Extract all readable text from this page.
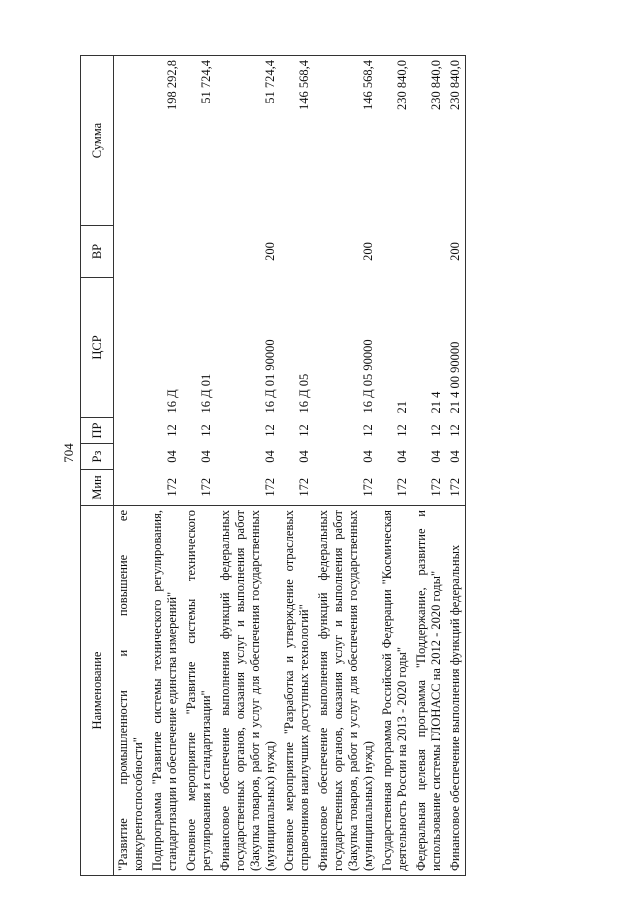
704
Наименование	Мин	Рз	ПР	ЦСР	ВР	Сумма
"Развитие промышленности и повышение ее конкурентоспособности"						
Подпрограмма "Развитие системы технического регулирования, стандартизации и обеспечение единства измерений"	172	04	12	16 Д		198 292,8
Основное мероприятие "Развитие системы технического регулирования и стандартизации"	172	04	12	16 Д 01		51 724,4
Финансовое обеспечение выполнения функций федеральных государственных органов, оказания услуг и выполнения работ (Закупка товаров, работ и услуг для обеспечения государственных (муниципальных) нужд)	172	04	12	16 Д 01 90000	200	51 724,4
Основное мероприятие "Разработка и утверждение отраслевых справочников наилучших доступных технологий"	172	04	12	16 Д 05		146 568,4
Финансовое обеспечение выполнения функций федеральных государственных органов, оказания услуг и выполнения работ (Закупка товаров, работ и услуг для обеспечения государственных (муниципальных) нужд)	172	04	12	16 Д 05 90000	200	146 568,4
Государственная программа Российской Федерации "Космическая деятельность России на 2013 - 2020 годы"	172	04	12	21		230 840,0
Федеральная целевая программа "Поддержание, развитие и использование системы ГЛОНАСС на 2012 - 2020 годы"	172	04	12	21 4		230 840,0
Финансовое обеспечение выполнения функций федеральных	172	04	12	21 4 00 90000	200	230 840,0
